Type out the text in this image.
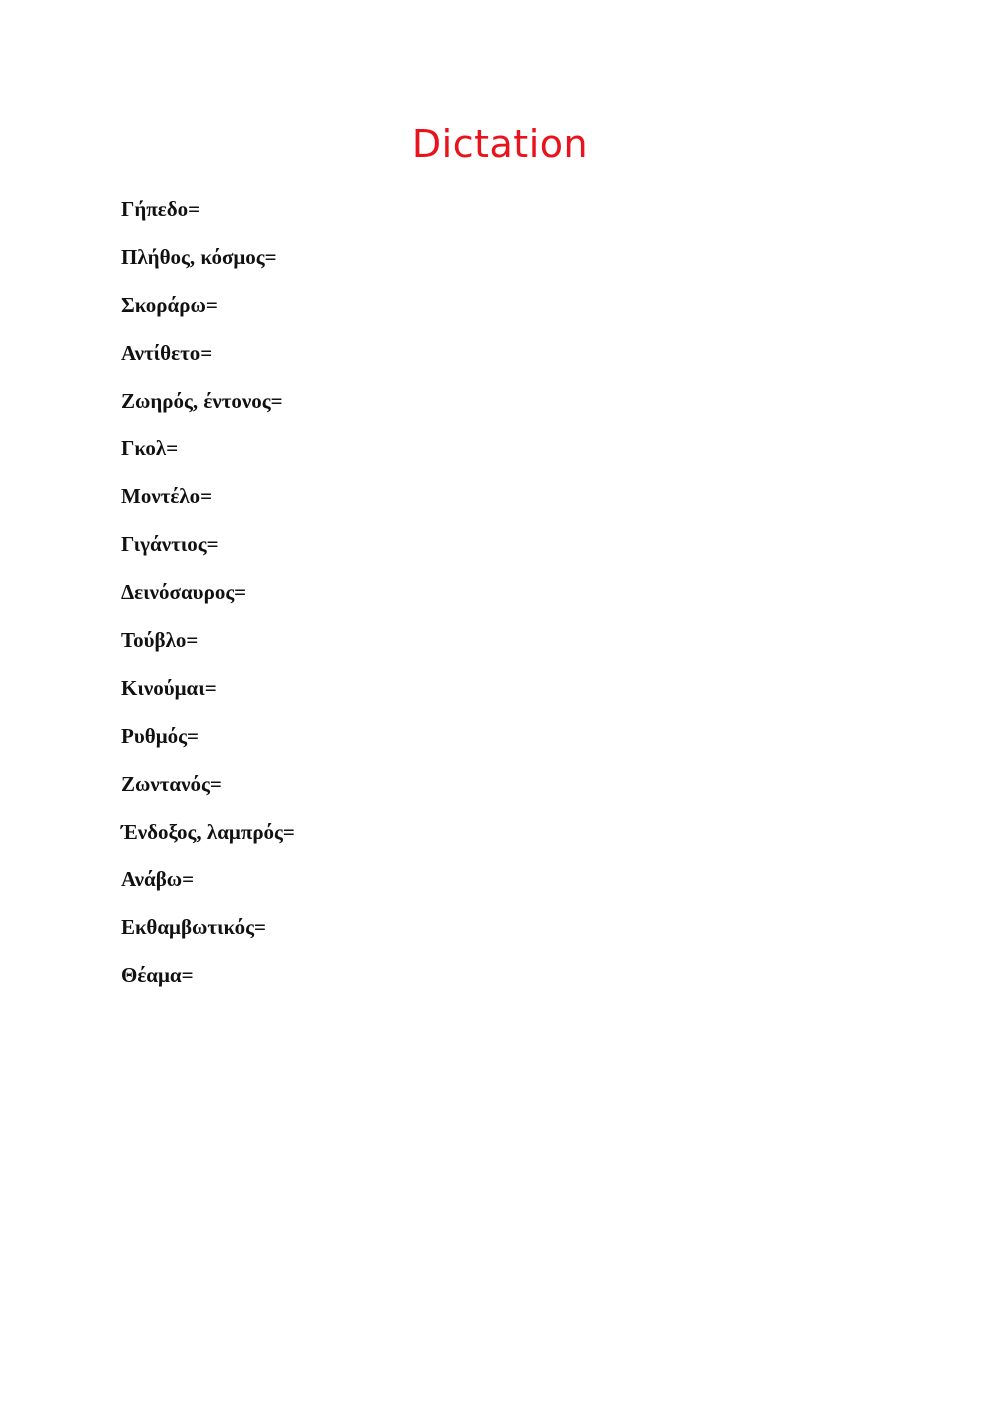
Dictation
Γήπεδο=
Πλήθος, κόσμος=
Σκοράρω=
Αντίθετο=
Ζωηρός, έντονος=
Γκολ=
Μοντέλο=
Γιγάντιος=
Δεινόσαυρος=
Τούβλο=
Κινούμαι=
Ρυθμός=
Ζωντανός=
Ένδοξος, λαμπρός=
Ανάβω=
Εκθαμβωτικός=
Θέαμα=
